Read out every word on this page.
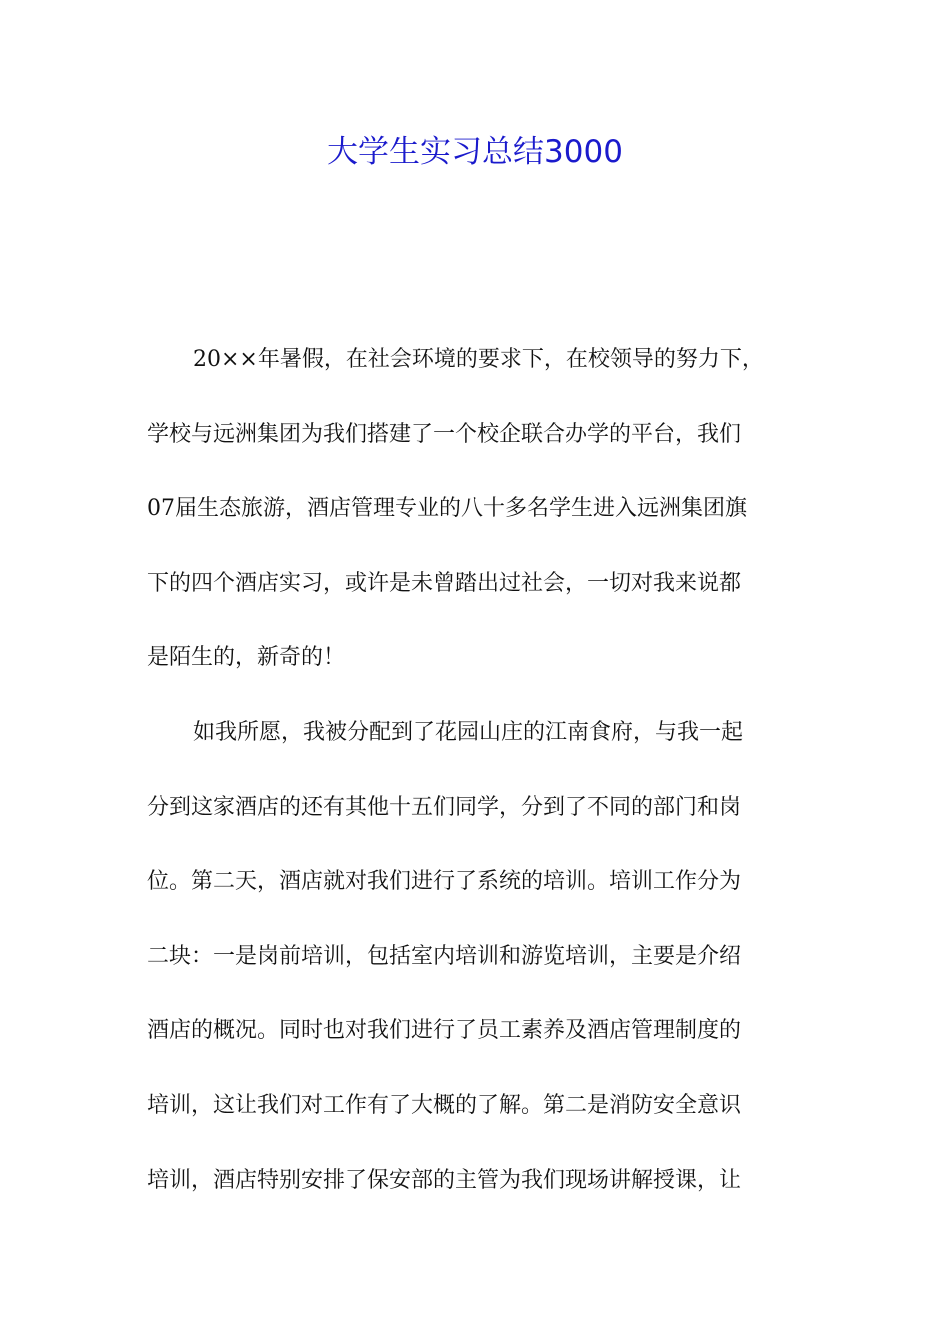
大学生实习总结3000
20××年暑假，在社会环境的要求下，在校领导的努力下，
学校与远洲集团为我们搭建了一个校企联合办学的平台，我们
07届生态旅游，酒店管理专业的八十多名学生进入远洲集团旗
下的四个酒店实习，或许是未曾踏出过社会，一切对我来说都
是陌生的，新奇的！
如我所愿，我被分配到了花园山庄的江南食府，与我一起
分到这家酒店的还有其他十五们同学，分到了不同的部门和岗
位。第二天，酒店就对我们进行了系统的培训。培训工作分为
二块：一是岗前培训，包括室内培训和游览培训，主要是介绍
酒店的概况。同时也对我们进行了员工素养及酒店管理制度的
培训，这让我们对工作有了大概的了解。第二是消防安全意识
培训，酒店特别安排了保安部的主管为我们现场讲解授课，让
